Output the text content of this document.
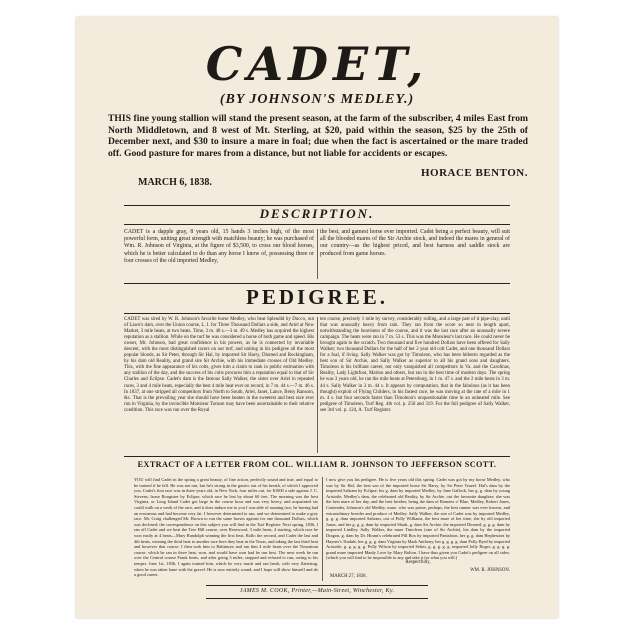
CADET,
(BY JOHNSON'S MEDLEY.)
THIS fine young stallion will stand the present season, at the farm of the subscriber, 4 miles East from North Middletown, and 8 west of Mt. Sterling, at $20, paid within the season, $25 by the 25th of December next, and $30 to insure a mare in foal; due when the fact is ascertained or the mare traded off. Good pasture for mares from a distance, but not liable for accidents or escapes.
HORACE BENTON.
MARCH 6, 1838.
DESCRIPTION.
CADET is a dapple gray, 8 years old, 15 hands 3 inches high, of the most powerful form, uniting great strength with matchless beauty; he was purchased of Wm. R. Johnson of Virginia, at the figure of $3,500, to cross our blood horses, which he is better calculated to do than any horse I know of, possessing three or four crosses of the old imported Medley,
the best, and gamest horse ever imported. Cadet being a perfect beauty, will suit all the blooded mares of the Sir Archie stock, and indeed the mares in general of our country—as the highest priced, and best harness and saddle stock are produced from game horses.
PEDIGREE.
CADET was sired by W. R. Johnson's favorite horse Medley, who beat Splendid by Ducco, out of Lawn's dam, over the Union course, L. I. for Three Thousand Dollars a side, and Ariel at New Market, 3 mile heats, at two heats. Time, 3 m. 48 s.—3 m. 49 s. Medley has acquired the highest reputation as a stallion. While on the turf he was considered a horse of both game and speed. His owner, Mr. Johnson, had great confidence in his powers, as he is connected by invariable descent, with the most distinguished racers on our turf, and uniting in his pedigree all the most popular bloods, as Sir Peter, through Sir Hal, by imported Sir Harry, Diomed and Rockingham, by his dam old Reality, and grand sire Sir Archie, with his immediate crosses of Old Medley. This, with the fine appearance of his colts, gives him a claim to rank in public estimation with any stallion of the day, and the success of his colts procures him a reputation equal to that of Sir Charles and Eclipse. Cadet's dam is the famous Sally Walker, the sister over Ariel in repeated races, 3 and 4 mile heats, especially the best 4 mile heat ever on record, in 7 m. 44 s.—7 m. 46 s. In 1837, at one stripped all competitors from North to South, Ariel, Janet, Lance, Betsy Ransom, &c. That is the prevailing year she should have been beaten in the sweetest and best race ever run in Virginia, by the invincible Monsieur Tonson may have been ascertainable to their relative condition. This race was run over the Royal
ten course, precisely 1 mile by survey, considerably rolling, and a large part of it pipe-clay, until that was unusually heavy from rain. They ran from the score so near in length apart, notwithstanding the heaviness of the course, and it was the last race after an unusually severe campaign. The heats were ran in 7 m. 53 s. This was the Monsieur's last race. He could never be brought again to the scratch. Two thousand and five hundred Dollars have been offered for Sally Walker; two thousand Dollars for the half of her 2 year old colt Cadet, and one thousand Dollars for a foal, if living. Sally Walker was got by Timoleon, who has been hitherto regarded as the best son of Sir Archie, and Sally Walker as superior to all his grand sons and daughters. Timoleon is his brilliant career, not only vanquished all competitors in Va. and the Carolinas, Reality, Lady Lightfoot, Marion and others, but ran in the best time of modern days. The spring he was 3 years old, he ran the mile heats at Petersburg, in 1 m. 47 s. and the 2 mile heats in 3 m. 44 s. Sally Walker in 3 m. 44 s. It appears by computation, that in the fabulous (as it has been thought) exploit of Flying Childers, in his fastest race, he was moving at the rate of a mile in 1 m. 4 s. but four seconds faster than Timoleon's unquestionable time in an unheated mile. See pedigree of Timoleon, Turf Reg. 4th vol. p. 250 and 319. For the full pedigree of Sally Walker, see 3rd vol. p. 124, A. Turf Register.
EXTRACT OF A LETTER FROM COL. WILLIAM R. JOHNSON TO JEFFERSON SCOTT.
YOU will find Cadet in the spring a great beauty, of fine action, perfectly sound and true, and equal to be trained if he fell. He was not run, but he's strong in the gastric out of his breath, of which I approved you. Cadet's first race was in three years old, in New York, four miles out, for $1000 a side against J. C. Stevens, horse Rougister by Eclipse, which race he lost by about 60 feet. The morning was the best Virginia, or Long Island Cadet got large in the course hour and was very heavy, and acquainted six could walk on a week of the race, and it does induce me to you I was able of running two, he having had an erroneous and had become very fat. I however determined to run, and we determined to make a grey race. Mr. Craig challenged Mr. Brown to run the same horses against for one thousand Dollars, which was declined; the correspondence on this subject you will find in the Turf Register. Next spring, 1836, I ran off Cadet and we beat the Tree Hill course, over Rosewood, 3 mile heats, 4 starting, which race he won easily at 4 heats—Mary Randolph winning the first heat, Rollo the second, and Cadet the last and 4th heats, winning the third heat to another race here they beat in the Texas, and taking the last third heat and however that course. I then took him to Baltimore and ran him 4 mile heats over the Timonium course, which he ran in three heat, won, and would have won had he run best. The next week he ran over the Central course Frank heats, and after going 3 miles, stopped and refused to run, owing to his temper. June 1st, 1836, I again trained him, which he very much and ran lamb, with very flattering, when he was taken lame with the gravel. He is now entirely sound, and I hope will show himself and do a good career.
I now give you his pedigree. He is five years old this spring. Cadet was got by my horse Medley, who was by Sir Hal, the best son of the imported horse Sir Harry, by Sir Peter Teazel. Hal's dam by the imported Saltram by Eclipse, his g. dam by imported Medley, by Jane Gallock, her g. g. dam by young Aristotle, Medley's dam, the celebrated old Reality, by Sir Archie, out the favourite daughter; she was the best mare of her day, and the best brother, being the dam of Bonnets o' Blue, Medley, Robert Jones, Contender, Johnson's old Medley, mare, who was prime, perhaps, the best runner was ever known, and extraordinary breeder and produce of Medley. Sally Walker, the sire of Cadet was by imported Medley, g. g. g. dam imported Saltram, out of Polly Williams, the best mare of her time, she by old imported Jonas, and her g. g. g. dam by imported Shark, g. dam Sir Archie, the imported Diomed, g. g. g. dam by imported Lindley. Sally Walker, the mare Timoleon (one of Sir Archie), his dam by the imported Dragon, g. dam by Dr. Hiram's celebrated Pill Box by imported Pantaloon, her g. g. dam Hephestion by Haynes's Tindale, her g. g. g. dam Virginia by Mark Anthony, her g. g. g. g. dam Polly Byrd by imported Aristotle, g. g. g. g. g. Polly Wilson by imported Selim, g. g. g. g. g. imported Jolly Roger, g. g. g. g. grand mare imported Manly Love by Mary Bolton. I have thus given you Cadet's pedigree on all sides: (which you will find to be impossible to any and take it for what you will.)
Respectfully,
WM. R. JOHNSON.
MARCH 27, 1838.
JAMES M. COOK, Printer,—Main-Street, Winchester, Ky.
